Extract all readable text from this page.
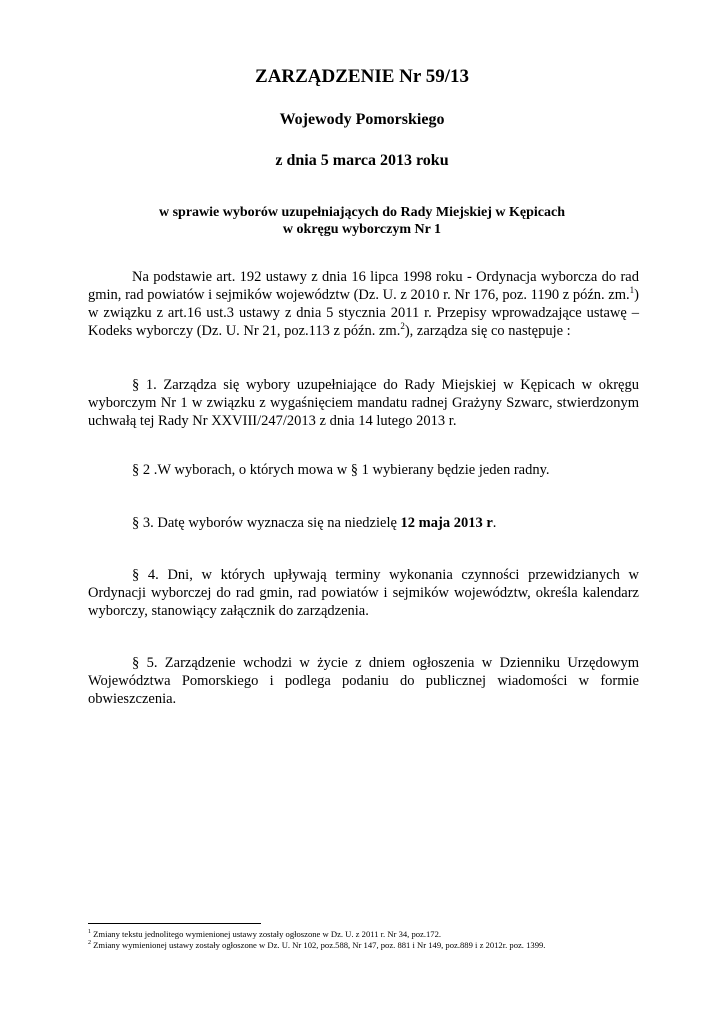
ZARZĄDZENIE Nr 59/13
Wojewody Pomorskiego
z dnia 5 marca 2013 roku
w sprawie wyborów uzupełniających do Rady Miejskiej w Kępicach
w okręgu wyborczym Nr 1

Na podstawie art. 192 ustawy z dnia 16 lipca 1998 roku - Ordynacja wyborcza do rad gmin, rad powiatów i sejmików województw (Dz. U. z 2010 r. Nr 176, poz. 1190 z późn. zm.$^1$) w związku z art.16 ust.3 ustawy z dnia 5 stycznia 2011 r. Przepisy wprowadzające ustawę – Kodeks wyborczy (Dz. U. Nr 21, poz.113 z późn. zm.$^2$), zarządza się co następuje :

§ 1. Zarządza się wybory uzupełniające do Rady Miejskiej w Kępicach w okręgu wyborczym Nr 1 w związku z wygaśnięciem mandatu radnej Grażyny Szwarc, stwierdzonym uchwałą tej Rady Nr XXVIII/247/2013 z dnia 14 lutego 2013 r.

§ 2 .W wyborach, o których mowa w § 1 wybierany będzie jeden radny.

§ 3. Datę wyborów wyznacza się na niedzielę 12 maja 2013 r.

§ 4. Dni, w których upływają terminy wykonania czynności przewidzianych w Ordynacji wyborczej do rad gmin, rad powiatów i sejmików województw, określa kalendarz wyborczy, stanowiący załącznik do zarządzenia.

§ 5. Zarządzenie wchodzi w życie z dniem ogłoszenia w Dzienniku Urzędowym Województwa Pomorskiego i podlega podaniu do publicznej wiadomości w formie obwieszczenia.

$^1$ Zmiany tekstu jednolitego wymienionej ustawy zostały ogłoszone w Dz. U. z 2011 r. Nr 34, poz.172.
$^2$ Zmiany wymienionej ustawy zostały ogłoszone w Dz. U. Nr 102, poz.588, Nr 147, poz. 881 i Nr 149, poz.889 i z 2012r. poz. 1399.
